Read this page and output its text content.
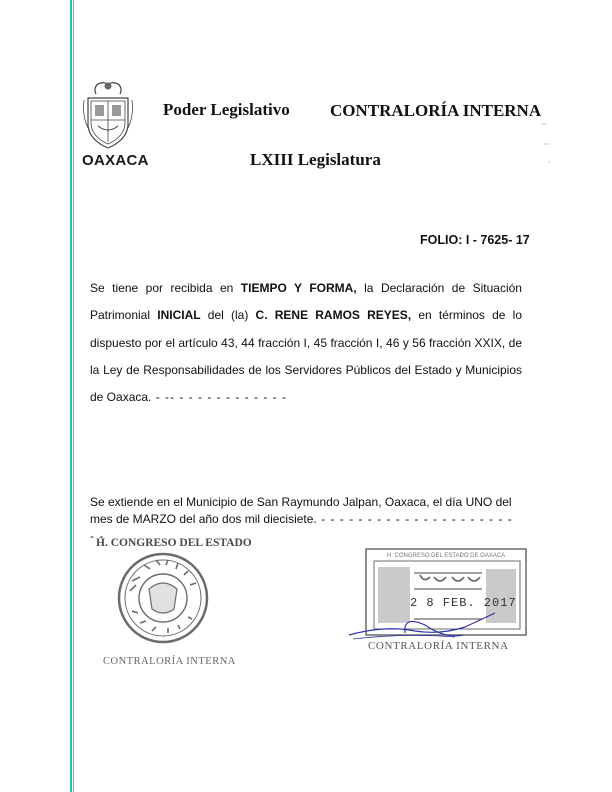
OAXACA
Poder Legislativo CONTRALORÍA INTERNA
LXIII Legislatura
FOLIO: I - 7625- 17
Se tiene por recibida en TIEMPO Y FORMA, la Declaración de Situación Patrimonial INICIAL del (la) C. RENE RAMOS REYES, en términos de lo dispuesto por el artículo 43, 44 fracción I, 45 fracción I, 46 y 56 fracción XXIX, de la Ley de Responsabilidades de los Servidores Públicos del Estado y Municipios de Oaxaca. - -- - - - - - - - - - - - -
Se extiende en el Municipio de San Raymundo Jalpan, Oaxaca, el día UNO del mes de MARZO del año dos mil diecisiete. - - - - - - - - - - - - - - - - - - - - - - -
H. CONGRESO DEL ESTADO
CONTRALORÍA INTERNA
H. CONGRESO DEL ESTADO DE OAXACA
2 8 FEB. 2017
CONTRALORÍA INTERNA
